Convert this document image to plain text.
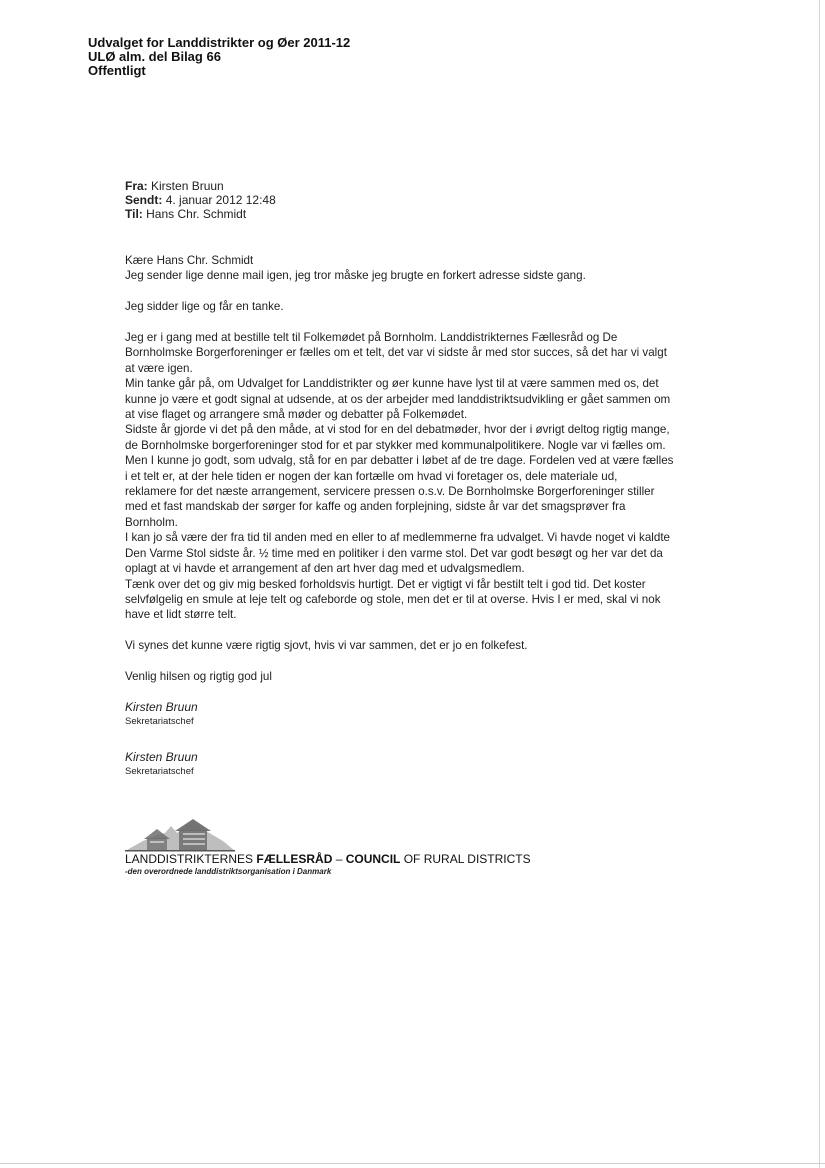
Udvalget for Landdistrikter og Øer 2011-12
ULØ alm. del Bilag 66
Offentligt
Fra: Kirsten Bruun
Sendt: 4. januar 2012 12:48
Til: Hans Chr. Schmidt
Kære Hans Chr. Schmidt
Jeg sender lige denne mail igen, jeg tror måske jeg brugte en forkert adresse sidste gang.
Jeg sidder lige og får en tanke.
Jeg er i gang med at bestille telt til Folkemødet på Bornholm. Landdistrikternes Fællesråd og De
Bornholmske Borgerforeninger er fælles om et telt, det var vi sidste år med stor succes, så det har vi valgt
at være igen.
Min tanke går på, om Udvalget for Landdistrikter og øer kunne have lyst til at være sammen med os, det
kunne jo være et godt signal at udsende, at os der arbejder med landdistriktsudvikling er gået sammen om
at vise flaget og arrangere små møder og debatter på Folkemødet.
Sidste år gjorde vi det på den måde, at vi stod for en del debatmøder, hvor der i øvrigt deltog rigtig mange,
de Bornholmske borgerforeninger stod for et par stykker med kommunalpolitikere. Nogle var vi fælles om.
Men I kunne jo godt, som udvalg, stå for en par debatter i løbet af de tre dage. Fordelen ved at være fælles
i et telt er, at der hele tiden er nogen der kan fortælle om hvad vi foretager os, dele materiale ud,
reklamere for det næste arrangement, servicere pressen o.s.v. De Bornholmske Borgerforeninger stiller
med et fast mandskab der sørger for kaffe og anden forplejning, sidste år var det smagsprøver fra
Bornholm.
I kan jo så være der fra tid til anden med en eller to af medlemmerne fra udvalget. Vi havde noget vi kaldte
Den Varme Stol sidste år. ½ time med en politiker i den varme stol. Det var godt besøgt og her var det da
oplagt at vi havde et arrangement af den art hver dag med et udvalgsmedlem.
Tænk over det og giv mig besked forholdsvis hurtigt. Det er vigtigt vi får bestilt telt i god tid. Det koster
selvfølgelig en smule at leje telt og cafeborde og stole, men det er til at overse. Hvis I er med, skal vi nok
have et lidt større telt.
Vi synes det kunne være rigtig sjovt, hvis vi var sammen, det er jo en folkefest.
Venlig hilsen og rigtig god jul
Kirsten Bruun
Sekretariatschef
Kirsten Bruun
Sekretariatschef
LANDDISTRIKTERNES FÆLLESRÅD – COUNCIL OF RURAL DISTRICTS
-den overordnede landdistriktsorganisation i Danmark
